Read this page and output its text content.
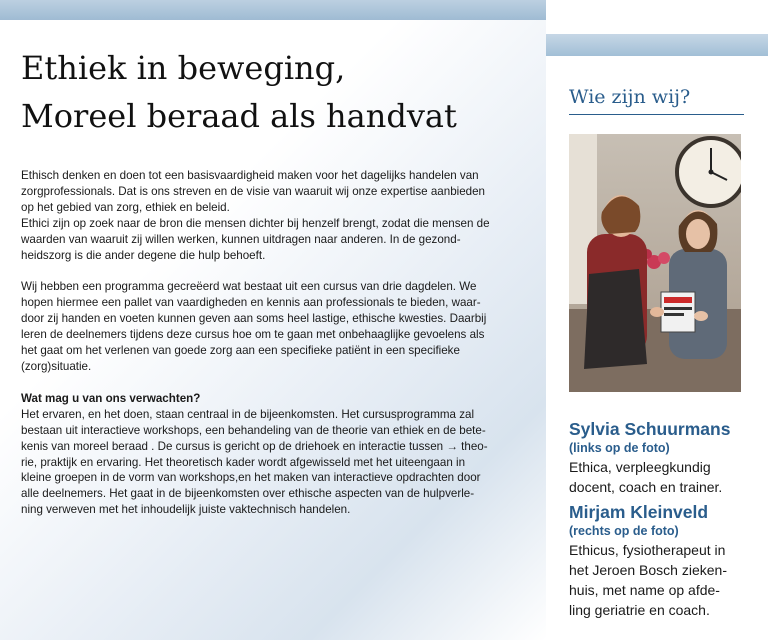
Ethiek in beweging,
Moreel beraad als handvat

Ethisch denken en doen tot een basisvaardigheid maken voor het dagelijks handelen van

zorgprofessionals. Dat is ons streven en de visie van waaruit wij onze expertise aanbieden

op het gebied van zorg, ethiek en beleid.

Ethici zijn op zoek naar de bron die mensen dichter bij henzelf brengt, zodat die mensen de

waarden van waaruit zij willen werken, kunnen uitdragen naar anderen. In de gezond-

heidszorg is die ander degene die hulp behoeft.

Wij hebben een programma gecreëerd wat bestaat uit een cursus van drie dagdelen. We

hopen hiermee een pallet van vaardigheden en kennis aan professionals te bieden, waar-

door zij handen en voeten kunnen geven aan soms heel lastige, ethische kwesties. Daarbij

leren de deelnemers tijdens deze cursus hoe om te gaan met onbehaaglijke gevoelens als

het gaat om het verlenen van goede zorg aan een specifieke patiënt in een specifieke

(zorg)situatie.

Wat mag u van ons verwachten?

Het ervaren, en het doen, staan centraal in de bijeenkomsten. Het cursusprogramma zal

bestaan uit interactieve workshops, een behandeling van de theorie van ethiek en de bete-

kenis van moreel beraad . De cursus is gericht op de driehoek en interactie tussen → theo-

rie, praktijk en ervaring. Het theoretisch kader wordt afgewisseld met het uiteengaan in

kleine groepen in de vorm van workshops,en het maken van interactieve opdrachten door

alle deelnemers. Het gaat in de bijeenkomsten over ethische aspecten van de hulpverle-

ning verweven met het inhoudelijk juiste vaktechnisch handelen.

Wie zijn wij?
Sylvia Schuurmans
(links op de foto)
Ethica, verpleegkundig
docent, coach en trainer.
Mirjam Kleinveld
(rechts op de foto)
Ethicus, fysiotherapeut in
het Jeroen Bosch zieken-
huis, met name op afde-
ling geriatrie en coach.
